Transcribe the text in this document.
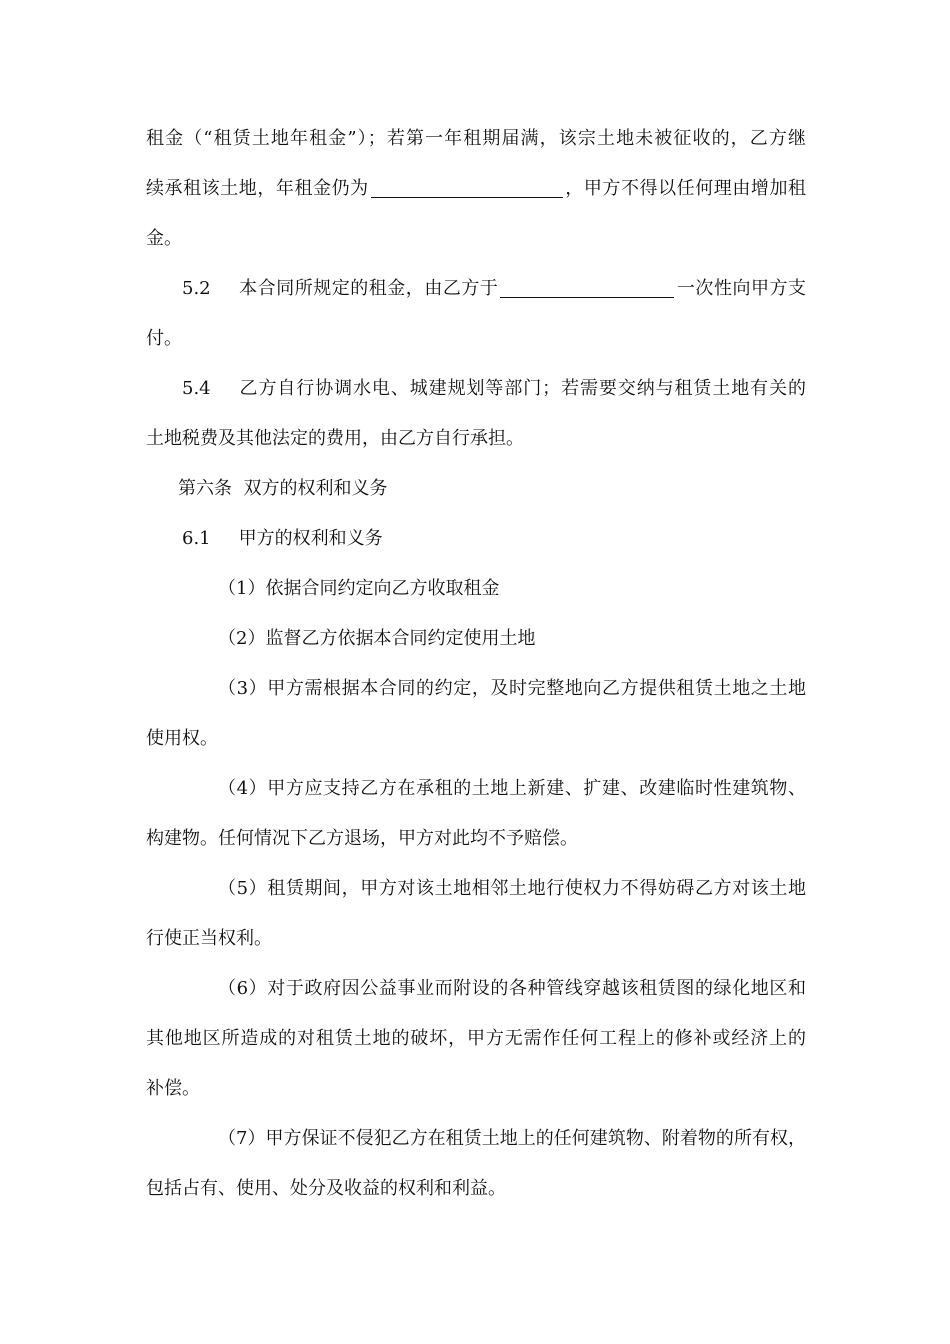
租金（“租赁土地年租金”）；若第一年租期届满，该宗土地未被征收的，乙方继
续承租该土地，年租金仍为	，甲方不得以任何理由增加租
金。
5.2 本合同所规定的租金，由乙方于	一次性向甲方支
付。
5.4 乙方自行协调水电、城建规划等部门；若需要交纳与租赁土地有关的
土地税费及其他法定的费用，由乙方自行承担。
第六条  双方的权利和义务
6.1 甲方的权利和义务
（1）依据合同约定向乙方收取租金
（2）监督乙方依据本合同约定使用土地
（3）甲方需根据本合同的约定，及时完整地向乙方提供租赁土地之土地
使用权。
（4）甲方应支持乙方在承租的土地上新建、扩建、改建临时性建筑物、
构建物。任何情况下乙方退场，甲方对此均不予赔偿。
（5）租赁期间，甲方对该土地相邻土地行使权力不得妨碍乙方对该土地
行使正当权利。
（6）对于政府因公益事业而附设的各种管线穿越该租赁图的绿化地区和
其他地区所造成的对租赁土地的破坏，甲方无需作任何工程上的修补或经济上的
补偿。
（7）甲方保证不侵犯乙方在租赁土地上的任何建筑物、附着物的所有权，
包括占有、使用、处分及收益的权利和利益。
